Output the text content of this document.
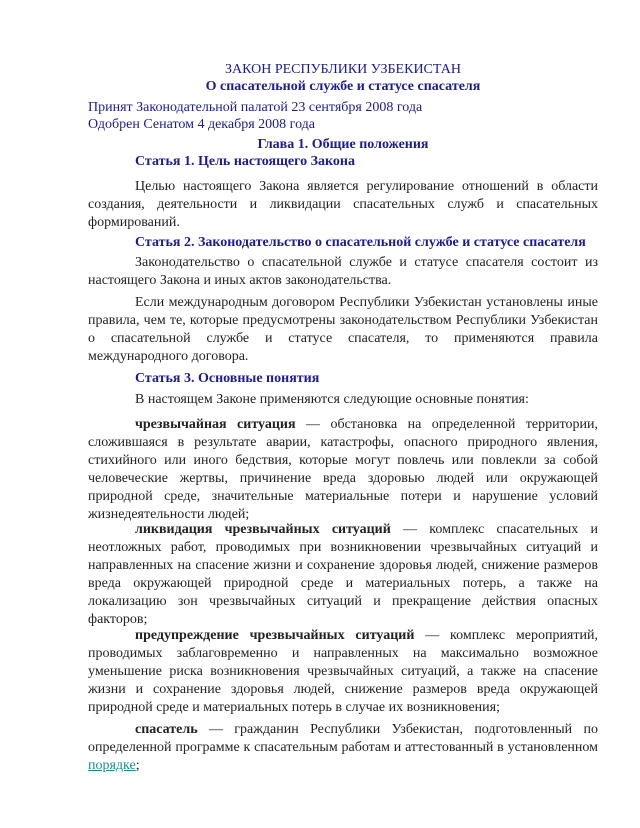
ЗАКОН РЕСПУБЛИКИ УЗБЕКИСТАН
О спасательной службе и статусе спасателя
Принят Законодательной палатой 23 сентября 2008 года
Одобрен Сенатом 4 декабря 2008 года
Глава 1. Общие положения
Статья 1. Цель настоящего Закона

Целью настоящего Закона является регулирование отношений в области создания, деятельности и ликвидации спасательных служб и спасательных формирований.

Статья 2. Законодательство о спасательной службе и статусе спасателя

Законодательство о спасательной службе и статусе спасателя состоит из настоящего Закона и иных актов законодательства.

Если международным договором Республики Узбекистан установлены иные правила, чем те, которые предусмотрены законодательством Республики Узбекистан о спасательной службе и статусе спасателя, то применяются правила международного договора.

Статья 3. Основные понятия

В настоящем Законе применяются следующие основные понятия:

чрезвычайная ситуация — обстановка на определенной территории, сложившаяся в результате аварии, катастрофы, опасного природного явления, стихийного или иного бедствия, которые могут повлечь или повлекли за собой человеческие жертвы, причинение вреда здоровью людей или окружающей природной среде, значительные материальные потери и нарушение условий жизнедеятельности людей;

ликвидация чрезвычайных ситуаций — комплекс спасательных и неотложных работ, проводимых при возникновении чрезвычайных ситуаций и направленных на спасение жизни и сохранение здоровья людей, снижение размеров вреда окружающей природной среде и материальных потерь, а также на локализацию зон чрезвычайных ситуаций и прекращение действия опасных факторов;

предупреждение чрезвычайных ситуаций — комплекс мероприятий, проводимых заблаговременно и направленных на максимально возможное уменьшение риска возникновения чрезвычайных ситуаций, а также на спасение жизни и сохранение здоровья людей, снижение размеров вреда окружающей природной среде и материальных потерь в случае их возникновения;

спасатель — гражданин Республики Узбекистан, подготовленный по определенной программе к спасательным работам и аттестованный в установленном порядке;
